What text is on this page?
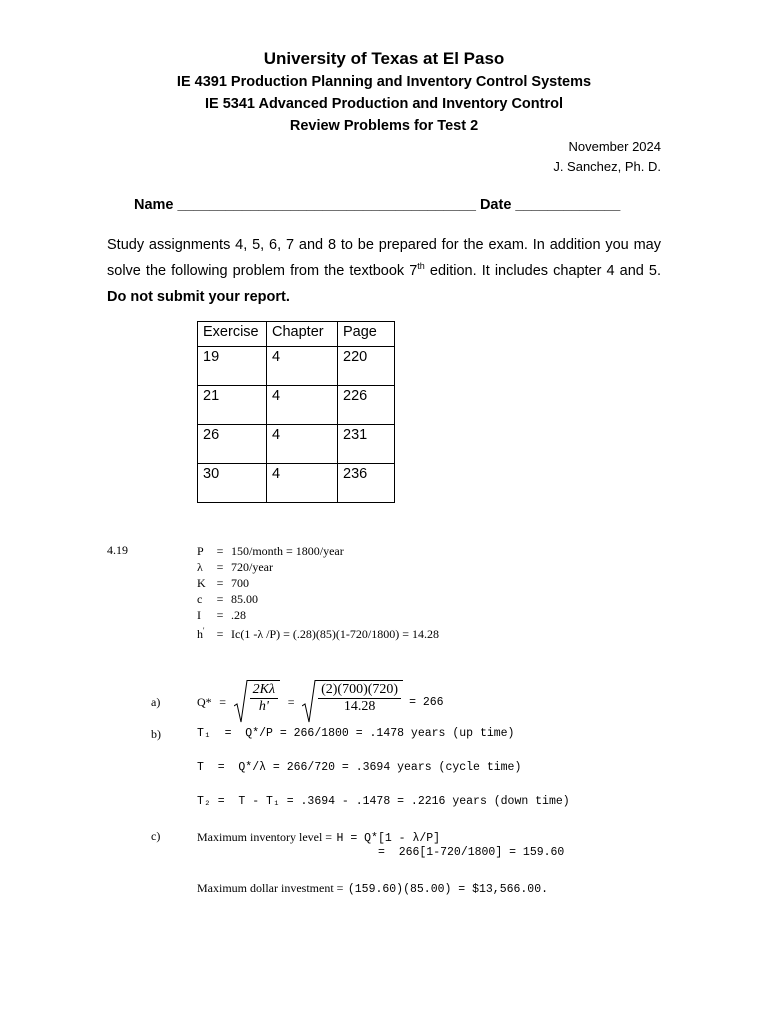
University of Texas at El Paso
IE 4391 Production Planning and Inventory Control Systems
IE 5341 Advanced Production and Inventory Control
Review Problems for Test 2
November 2024
J. Sanchez, Ph. D.
Name _____________________________________ Date _____________
Study assignments 4, 5, 6, 7 and 8 to be prepared for the exam. In addition you may solve the following problem from the textbook 7th edition. It includes chapter 4 and 5. Do not submit your report.
Exercise	Chapter	Page
19	4	220
21	4	226
26	4	231
30	4	236
4.19	P = 150/month = 1800/year
λ = 720/year
K = 700
c = 85.00
I = .28
h' = Ic(1 -λ /P) = (.28)(85)(1-720/1800) = 14.28
a)	Q* =	$\frac{2K\lambda}{h'}$ =	$\frac{(2)(700)(720)}{14.28} = 266$
b)	T₁  =  Q*/P = 266/1800 = .1478 years (up time)
T  =  Q*/λ = 266/720 = .3694 years (cycle time)
T₂ =  T - T₁ = .3694 - .1478 = .2216 years (down time)
c)	Maximum inventory level = H = Q*[1 - λ/P]
=  266[1-720/1800] = 159.60
Maximum dollar investment = (159.60)(85.00) = $13,566.00.
